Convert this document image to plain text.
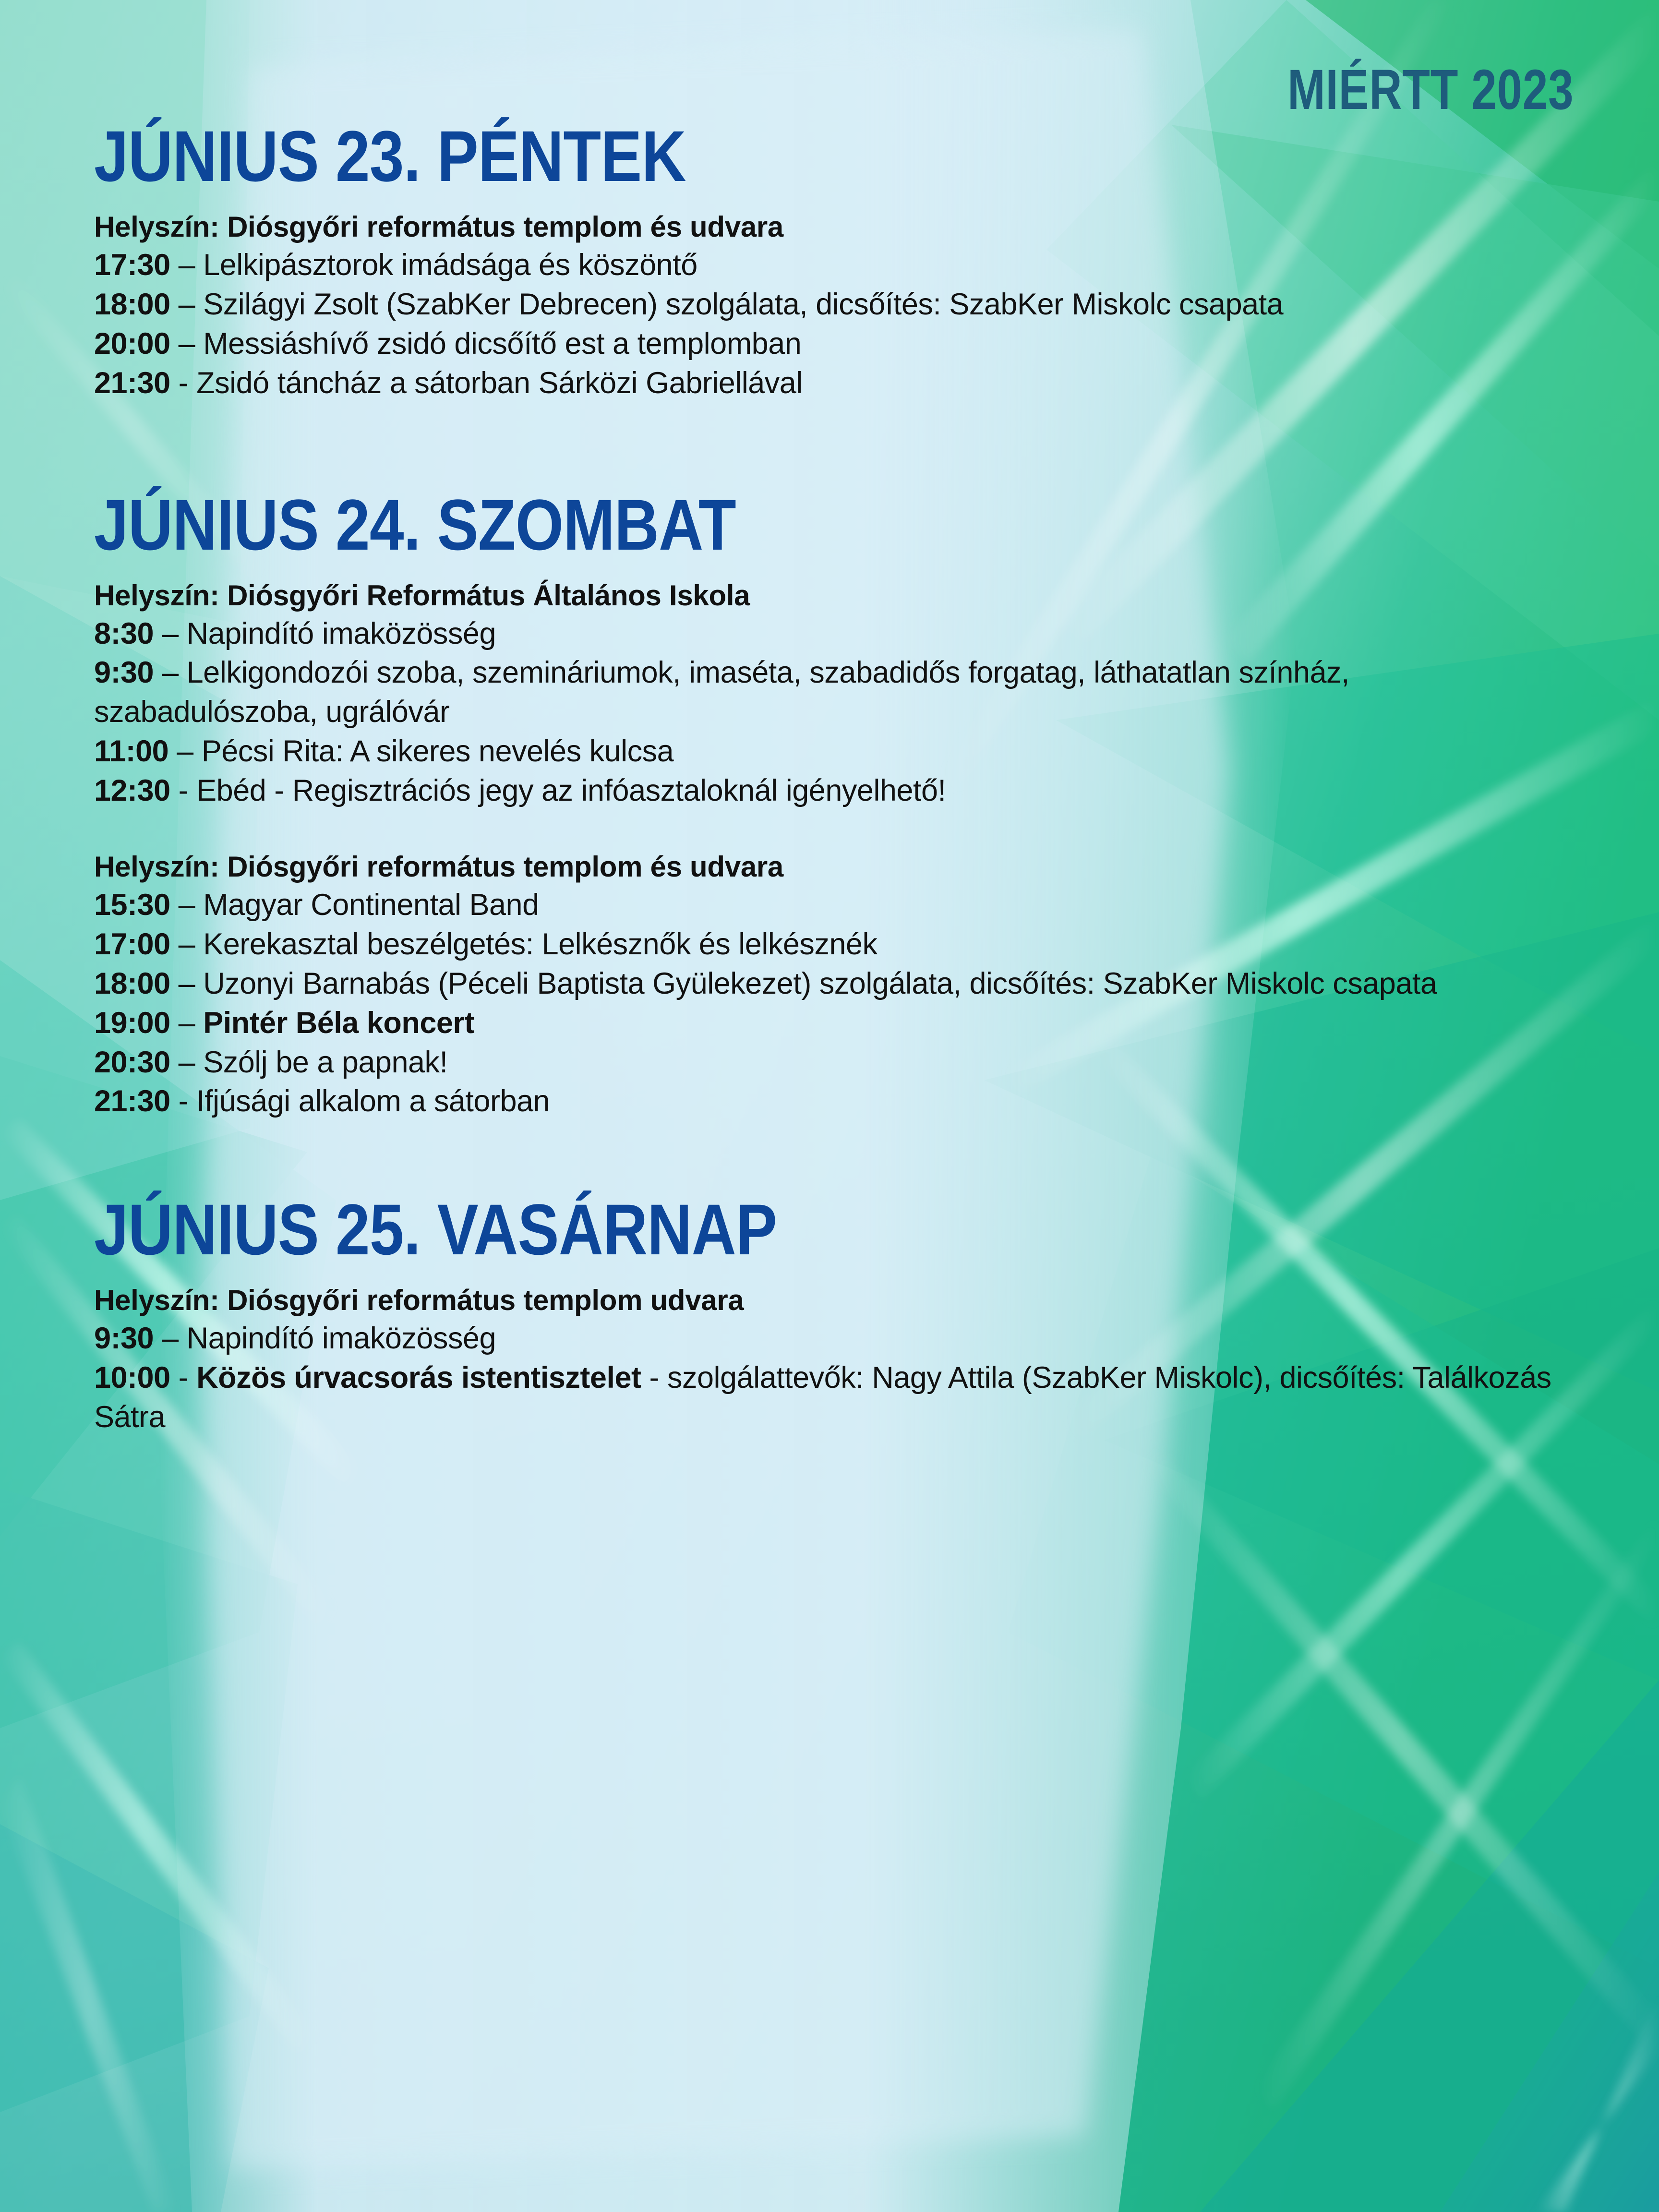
MIÉRTT 2023
JÚNIUS 23. PÉNTEK

Helyszín: Diósgyőri református templom és udvara

17:30 – Lelkipásztorok imádsága és köszöntő

18:00 – Szilágyi Zsolt (SzabKer Debrecen) szolgálata, dicsőítés: SzabKer Miskolc csapata

20:00 – Messiáshívő zsidó dicsőítő est a templomban

21:30 - Zsidó táncház a sátorban Sárközi Gabriellával

JÚNIUS 24. SZOMBAT

Helyszín: Diósgyőri Református Általános Iskola

8:30 – Napindító imaközösség

9:30 – Lelkigondozói szoba, szemináriumok, imaséta, szabadidős forgatag, láthatatlan színház, szabadulószoba, ugrálóvár

11:00 – Pécsi Rita: A sikeres nevelés kulcsa

12:30 - Ebéd - Regisztrációs jegy az infóasztaloknál igényelhető!

Helyszín: Diósgyőri református templom és udvara

15:30 – Magyar Continental Band

17:00 – Kerekasztal beszélgetés: Lelkésznők és lelkésznék

18:00 – Uzonyi Barnabás (Péceli Baptista Gyülekezet) szolgálata, dicsőítés: SzabKer Miskolc csapata

19:00 – Pintér Béla koncert

20:30 – Szólj be a papnak!

21:30 - Ifjúsági alkalom a sátorban

JÚNIUS 25. VASÁRNAP

Helyszín: Diósgyőri református templom udvara

9:30 – Napindító imaközösség

10:00 - Közös úrvacsorás istentisztelet - szolgálattevők: Nagy Attila (SzabKer Miskolc), dicsőítés: Találkozás Sátra
